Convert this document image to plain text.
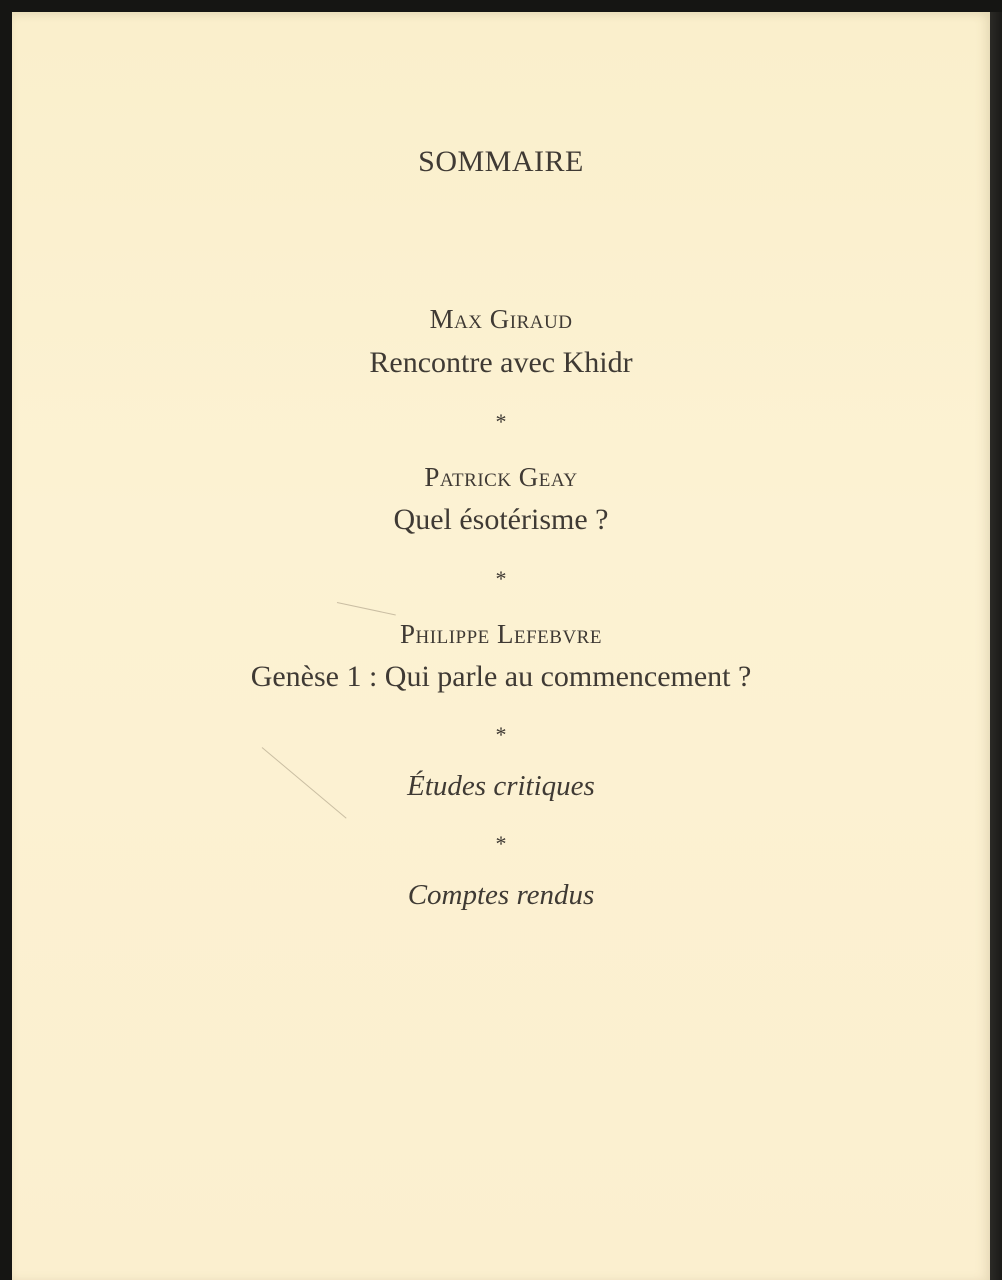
SOMMAIRE
Max Giraud
Rencontre avec Khidr
*
Patrick Geay
Quel ésotérisme ?
*
Philippe Lefebvre
Genèse 1 : Qui parle au commencement ?
*
Études critiques
*
Comptes rendus
